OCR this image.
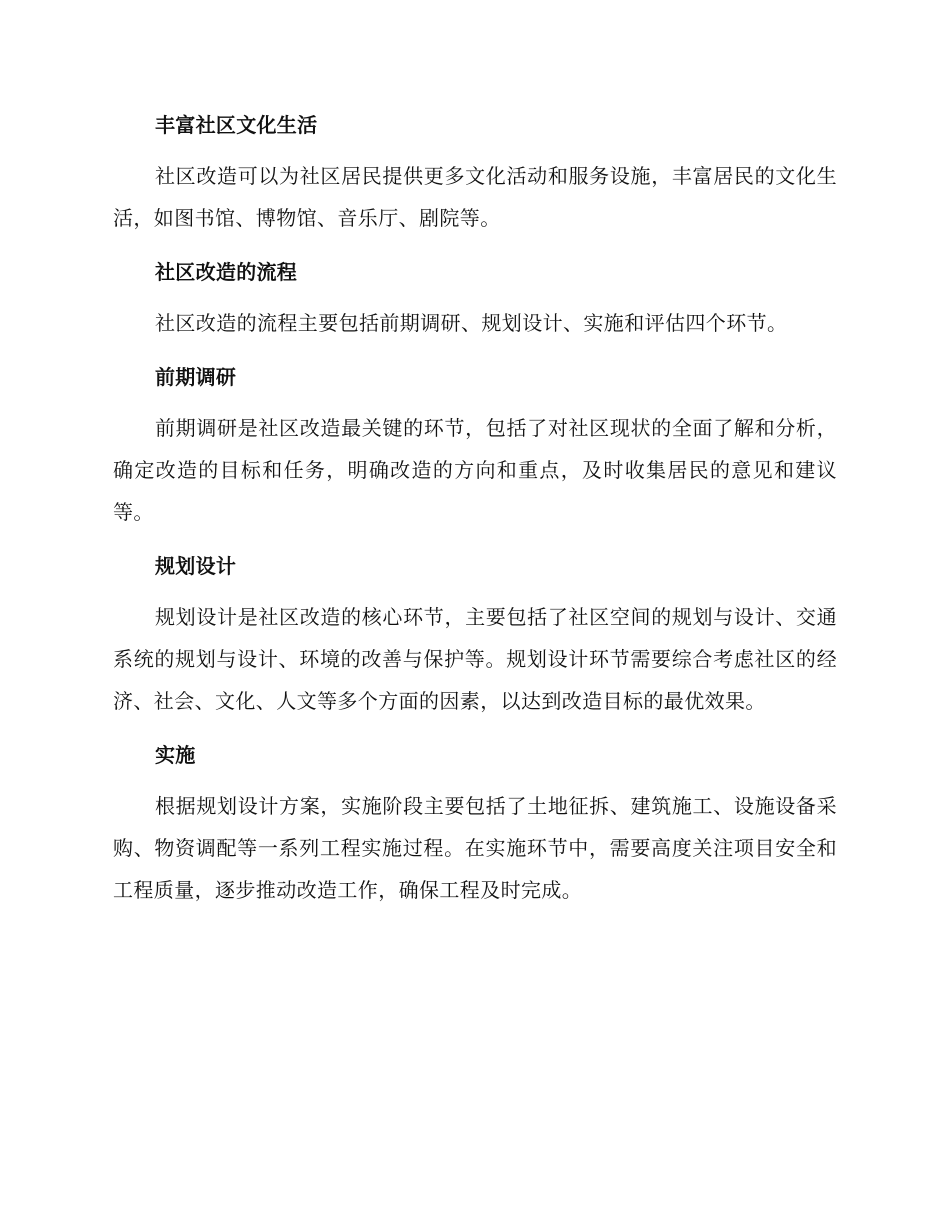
丰富社区文化生活

社区改造可以为社区居民提供更多文化活动和服务设施，丰富居民的文化生活，如图书馆、博物馆、音乐厅、剧院等。

社区改造的流程

社区改造的流程主要包括前期调研、规划设计、实施和评估四个环节。

前期调研

前期调研是社区改造最关键的环节，包括了对社区现状的全面了解和分析，确定改造的目标和任务，明确改造的方向和重点，及时收集居民的意见和建议等。

规划设计

规划设计是社区改造的核心环节，主要包括了社区空间的规划与设计、交通系统的规划与设计、环境的改善与保护等。规划设计环节需要综合考虑社区的经济、社会、文化、人文等多个方面的因素，以达到改造目标的最优效果。

实施

根据规划设计方案，实施阶段主要包括了土地征拆、建筑施工、设施设备采购、物资调配等一系列工程实施过程。在实施环节中，需要高度关注项目安全和工程质量，逐步推动改造工作，确保工程及时完成。
